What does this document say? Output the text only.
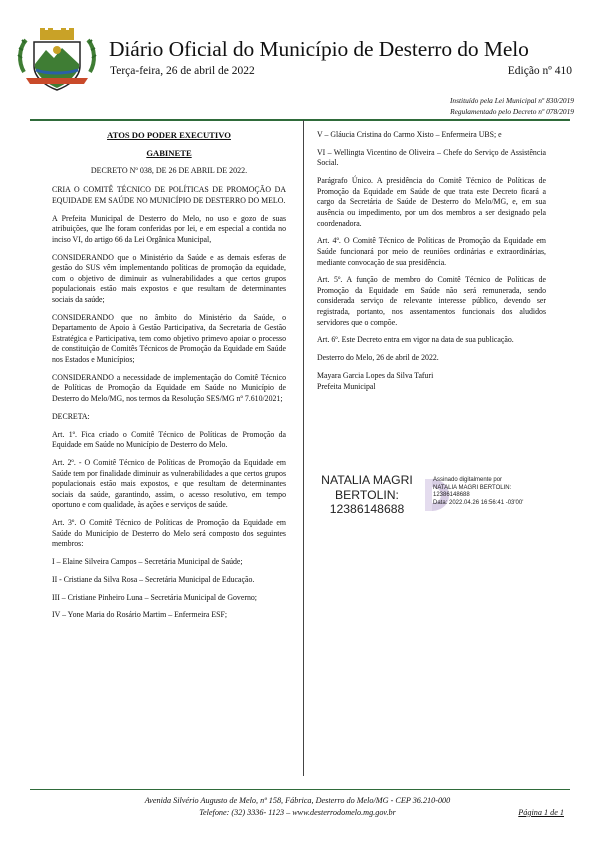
Diário Oficial do Município de Desterro do Melo
Terça-feira, 26 de abril de 2022	Edição nº 410
Instituído pela Lei Municipal nº 830/2019
Regulamentado pelo Decreto nº 078/2019

ATOS DO PODER EXECUTIVO

GABINETE

DECRETO Nº 038, DE 26 DE ABRIL DE 2022.

CRIA O COMITÊ TÉCNICO DE POLÍTICAS DE PROMOÇÃO DA EQUIDADE EM SAÚDE NO MUNICÍPIO DE DESTERRO DO MELO.

A Prefeita Municipal de Desterro do Melo, no uso e gozo de suas atribuições, que lhe foram conferidas por lei, e em especial a contida no inciso VI, do artigo 66 da Lei Orgânica Municipal,

CONSIDERANDO que o Ministério da Saúde e as demais esferas de gestão do SUS vêm implementando políticas de promoção da equidade, com o objetivo de diminuir as vulnerabilidades a que certos grupos populacionais estão mais expostos e que resultam de determinantes sociais da saúde;

CONSIDERANDO que no âmbito do Ministério da Saúde, o Departamento de Apoio à Gestão Participativa, da Secretaria de Gestão Estratégica e Participativa, tem como objetivo primevo apoiar o processo de constituição de Comitês Técnicos de Promoção da Equidade em Saúde nos Estados e Municípios;

CONSIDERANDO a necessidade de implementação do Comitê Técnico de Políticas de Promoção da Equidade em Saúde no Município de Desterro do Melo/MG, nos termos da Resolução SES/MG nº 7.610/2021;

DECRETA:

Art. 1º. Fica criado o Comitê Técnico de Políticas de Promoção da Equidade em Saúde no Município de Desterro do Melo.

Art. 2º. - O Comitê Técnico de Políticas de Promoção da Equidade em Saúde tem por finalidade diminuir as vulnerabilidades a que certos grupos populacionais estão mais expostos, e que resultam de determinantes sociais da saúde, garantindo, assim, o acesso resolutivo, em tempo oportuno e com qualidade, às ações e serviços de saúde.

Art. 3º. O Comitê Técnico de Políticas de Promoção da Equidade em Saúde do Município de Desterro do Melo será composto dos seguintes membros:

I – Elaine Silveira Campos – Secretária Municipal de Saúde;

II - Cristiane da Silva Rosa – Secretária Municipal de Educação.

III – Cristiane Pinheiro Luna – Secretária Municipal de Governo;

IV – Yone Maria do Rosário Martim – Enfermeira ESF;

V – Gláucia Cristina do Carmo Xisto – Enfermeira UBS; e

VI – Wellingta Vicentino de Oliveira – Chefe do Serviço de Assistência Social.

Parágrafo Único. A presidência do Comitê Técnico de Políticas de Promoção da Equidade em Saúde de que trata este Decreto ficará a cargo da Secretária de Saúde de Desterro do Melo/MG, e, em sua ausência ou impedimento, por um dos membros a ser designado pela coordenadora.

Art. 4º. O Comitê Técnico de Políticas de Promoção da Equidade em Saúde funcionará por meio de reuniões ordinárias e extraordinárias, mediante convocação de sua presidência.

Art. 5º. A função de membro do Comitê Técnico de Políticas de Promoção da Equidade em Saúde não será remunerada, sendo considerada serviço de relevante interesse público, devendo ser registrada, portanto, nos assentamentos funcionais dos aludidos servidores que o compõe.

Art. 6º. Este Decreto entra em vigor na data de sua publicação.

Desterro do Melo, 26 de abril de 2022.

Mayara Garcia Lopes da Silva Tafuri
Prefeita Municipal

NATALIA MAGRI
BERTOLIN:
12386148688
Assinado digitalmente por
NATALIA MAGRI BERTOLIN:
12386148688
Data: 2022.04.26 16:56:41 -03'00'
Avenida Silvério Augusto de Melo, nº 158, Fábrica, Desterro do Melo/MG - CEP 36.210-000
Telefone: (32) 3336- 1123 – www.desterrodomelo.mg.gov.br	Página 1 de 1
